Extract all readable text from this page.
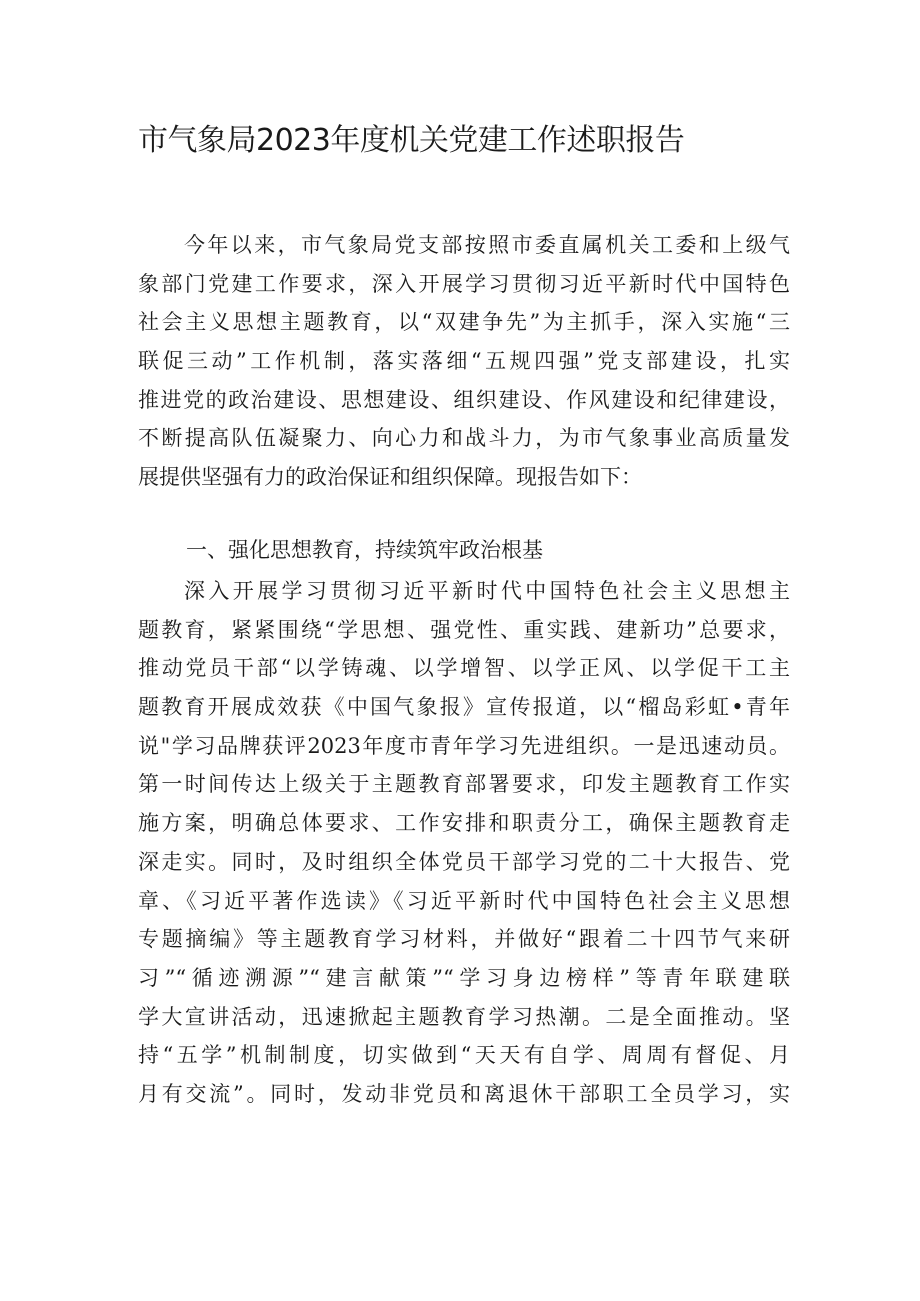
市气象局2023年度机关党建工作述职报告
今年以来，市气象局党支部按照市委直属机关工委和上级气
象部门党建工作要求，深入开展学习贯彻习近平新时代中国特色
社会主义思想主题教育，以“双建争先”为主抓手，深入实施“三
联促三动”工作机制，落实落细“五规四强”党支部建设，扎实
推进党的政治建设、思想建设、组织建设、作风建设和纪律建设，
不断提高队伍凝聚力、向心力和战斗力，为市气象事业高质量发
展提供坚强有力的政治保证和组织保障。现报告如下：
一、强化思想教育，持续筑牢政治根基
深入开展学习贯彻习近平新时代中国特色社会主义思想主
题教育，紧紧围绕“学思想、强党性、重实践、建新功”总要求，
推动党员干部“以学铸魂、以学增智、以学正风、以学促干工主
题教育开展成效获《中国气象报》宣传报道，以“榴岛彩虹•青年
说"学习品牌获评2023年度市青年学习先进组织。一是迅速动员。
第一时间传达上级关于主题教育部署要求，印发主题教育工作实
施方案，明确总体要求、工作安排和职责分工，确保主题教育走
深走实。同时，及时组织全体党员干部学习党的二十大报告、党
章、《习近平著作选读》《习近平新时代中国特色社会主义思想
专题摘编》等主题教育学习材料，并做好“跟着二十四节气来研
习”“循迹溯源”“建言献策”“学习身边榜样”等青年联建联
学大宣讲活动，迅速掀起主题教育学习热潮。二是全面推动。坚
持“五学”机制制度，切实做到“天天有自学、周周有督促、月
月有交流”。同时，发动非党员和离退休干部职工全员学习，实
